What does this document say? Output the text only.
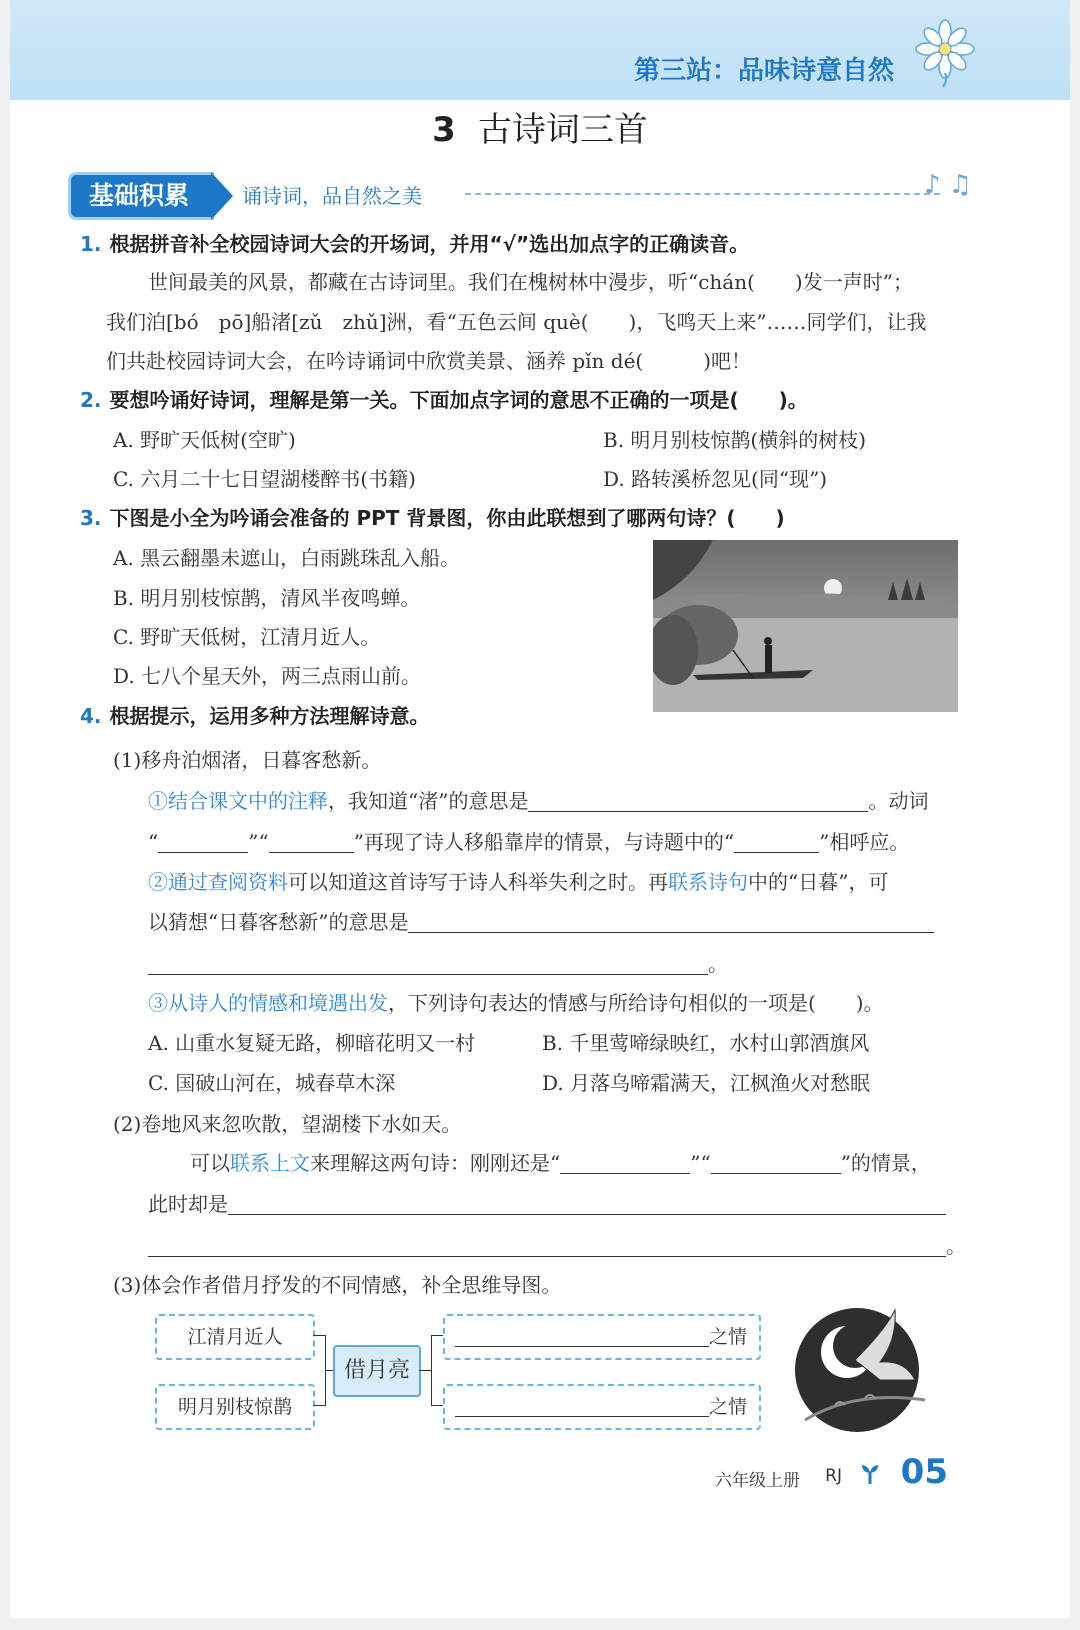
第三站：品味诗意自然
3 古诗词三首
基础积累	诵诗词，品自然之美	♪ ♫
1. 根据拼音补全校园诗词大会的开场词，并用“√”选出加点字的正确读音。
世间最美的风景，都藏在古诗词里。我们在槐树林中漫步，听“chán(　　)发一声时”；
我们泊[bó　pō]船渚[zǔ　zhǔ]洲，看“五色云间 què(　　)，飞鸣天上来”……同学们，让我
们共赴校园诗词大会，在吟诗诵词中欣赏美景、涵养 pǐn dé(　　　)吧！
2. 要想吟诵好诗词，理解是第一关。下面加点字词的意思不正确的一项是(　　)。
A. 野旷天低树(空旷)	B. 明月别枝惊鹊(横斜的树枝)
C. 六月二十七日望湖楼醉书(书籍)	D. 路转溪桥忽见(同“现”)
3. 下图是小全为吟诵会准备的 PPT 背景图，你由此联想到了哪两句诗？(　　)
A. 黑云翻墨未遮山，白雨跳珠乱入船。
B. 明月别枝惊鹊，清风半夜鸣蝉。
C. 野旷天低树，江清月近人。
D. 七八个星天外，两三点雨山前。
4. 根据提示，运用多种方法理解诗意。
(1)移舟泊烟渚，日暮客愁新。
①结合课文中的注释，我知道“渚”的意思是	。动词
“	”“	”再现了诗人移船靠岸的情景，与诗题中的“	”相呼应。
②通过查阅资料可以知道这首诗写于诗人科举失利之时。再联系诗句中的“日暮”，可
以猜想“日暮客愁新”的意思是
。
③从诗人的情感和境遇出发，下列诗句表达的情感与所给诗句相似的一项是(　　)。
A. 山重水复疑无路，柳暗花明又一村	B. 千里莺啼绿映红，水村山郭酒旗风
C. 国破山河在，城春草木深	D. 月落乌啼霜满天，江枫渔火对愁眠
(2)卷地风来忽吹散，望湖楼下水如天。
可以联系上文来理解这两句诗：刚刚还是“	”“	”的情景，
此时却是
。
(3)体会作者借月抒发的不同情感，补全思维导图。
江清月近人
明月别枝惊鹊
借月亮
之情
之情
六年级上册 RJ 05
